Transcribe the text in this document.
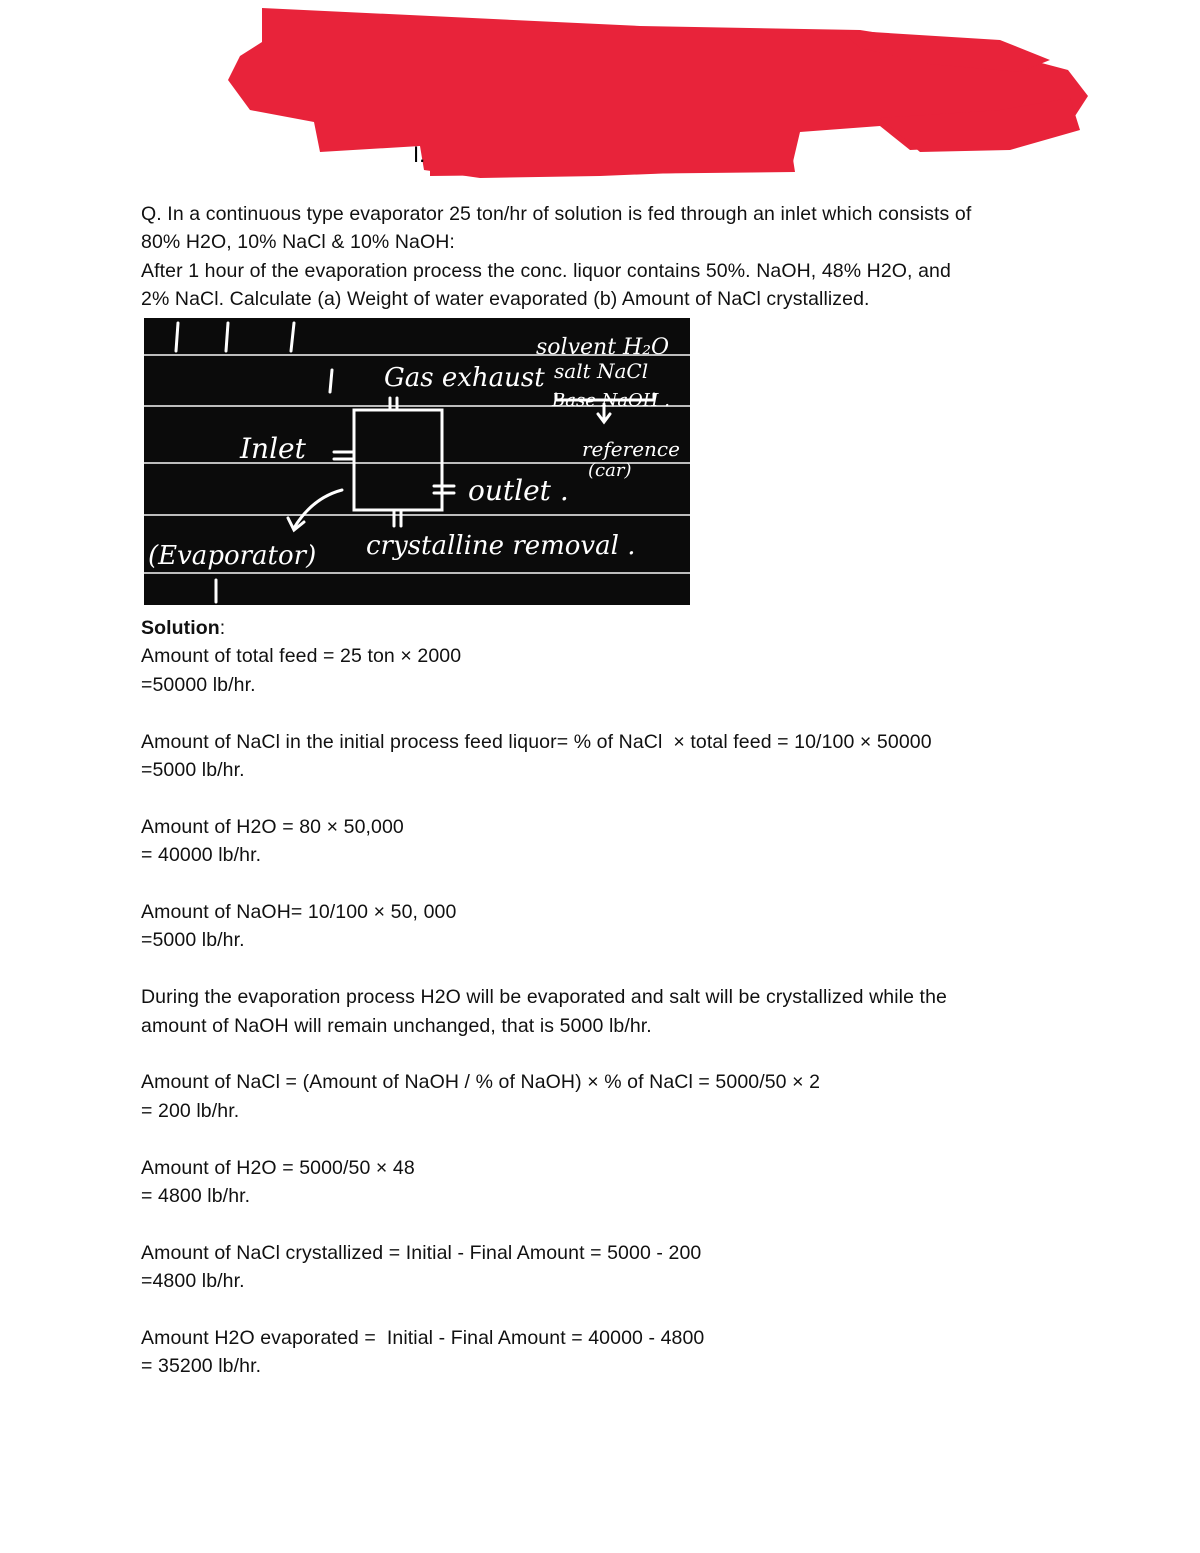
I.

Q. In a continuous type evaporator 25 ton/hr of solution is fed through an inlet which consists of

80% H2O, 10% NaCl & 10% NaOH:

After 1 hour of the evaporation process the conc. liquor contains 50%. NaOH, 48% H2O, and

2% NaCl. Calculate (a) Weight of water evaporated (b) Amount of NaCl crystallized.

solvent H₂O
salt NaCl
Base NaOH .
Gas exhaust
Inlet	reference
(car)
outlet .
(Evaporator) crystalline removal .

Solution:

Amount of total feed = 25 ton × 2000

=50000 lb/hr.

Amount of NaCl in the initial process feed liquor= % of NaCl  × total feed = 10/100 × 50000

=5000 lb/hr.

Amount of H2O = 80 × 50,000

= 40000 lb/hr.

Amount of NaOH= 10/100 × 50, 000

=5000 lb/hr.

During the evaporation process H2O will be evaporated and salt will be crystallized while the

amount of NaOH will remain unchanged, that is 5000 lb/hr.

Amount of NaCl = (Amount of NaOH / % of NaOH) × % of NaCl = 5000/50 × 2

= 200 lb/hr.

Amount of H2O = 5000/50 × 48

= 4800 lb/hr.

Amount of NaCl crystallized = Initial - Final Amount = 5000 - 200

=4800 lb/hr.

Amount H2O evaporated =  Initial - Final Amount = 40000 - 4800

= 35200 lb/hr.
